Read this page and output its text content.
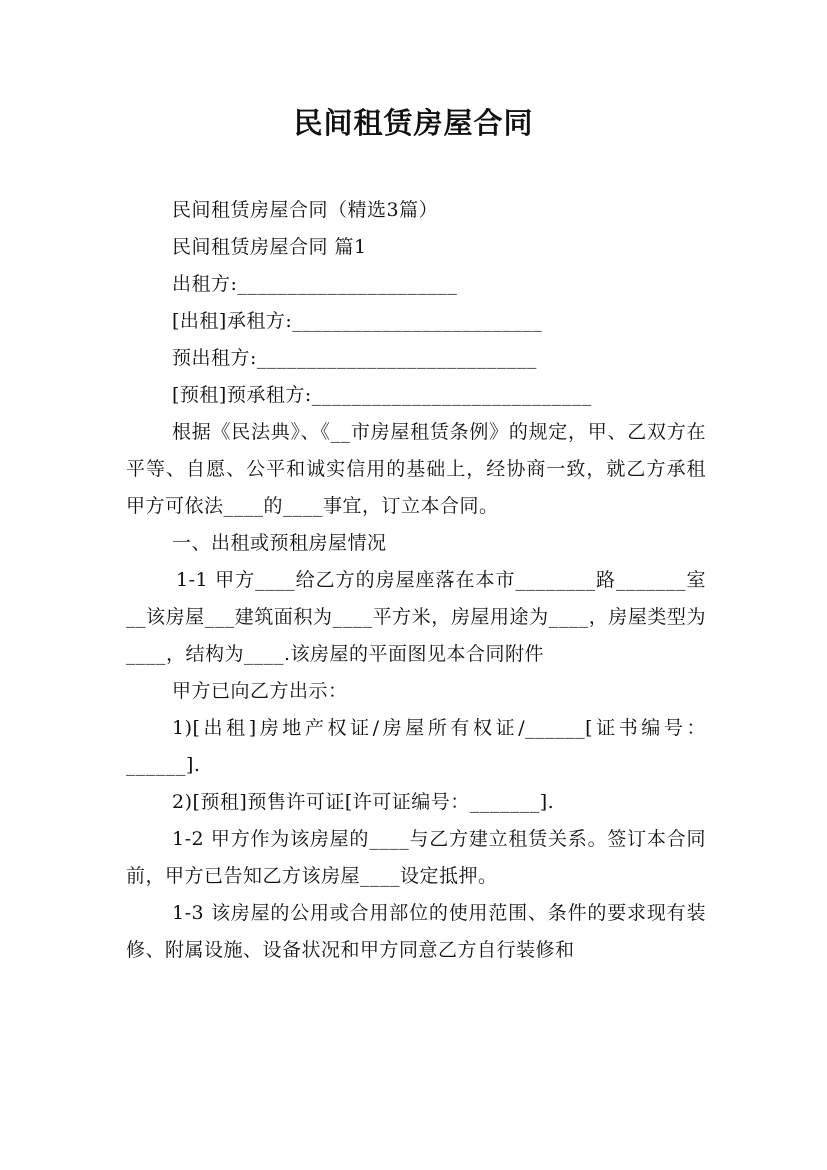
民间租赁房屋合同

民间租赁房屋合同（精选3篇）

民间租赁房屋合同 篇1

出租方:______________________

[出租]承租方:_________________________

预出租方:____________________________

[预租]预承租方:____________________________

根据《民法典》、《__市房屋租赁条例》的规定，甲、乙双方在平等、自愿、公平和诚实信用的基础上，经协商一致，就乙方承租甲方可依法____的____事宜，订立本合同。

一、出租或预租房屋情况

1-1 甲方____给乙方的房屋座落在本市________路_______室__该房屋___建筑面积为____平方米，房屋用途为____，房屋类型为____，结构为____.该房屋的平面图见本合同附件

甲方已向乙方出示：

1)[出租]房地产权证/房屋所有权证/______[证书编号：______].

2)[预租]预售许可证[许可证编号：_______].

1-2 甲方作为该房屋的____与乙方建立租赁关系。签订本合同前，甲方已告知乙方该房屋____设定抵押。

1-3 该房屋的公用或合用部位的使用范围、条件的要求现有装修、附属设施、设备状况和甲方同意乙方自行装修和
